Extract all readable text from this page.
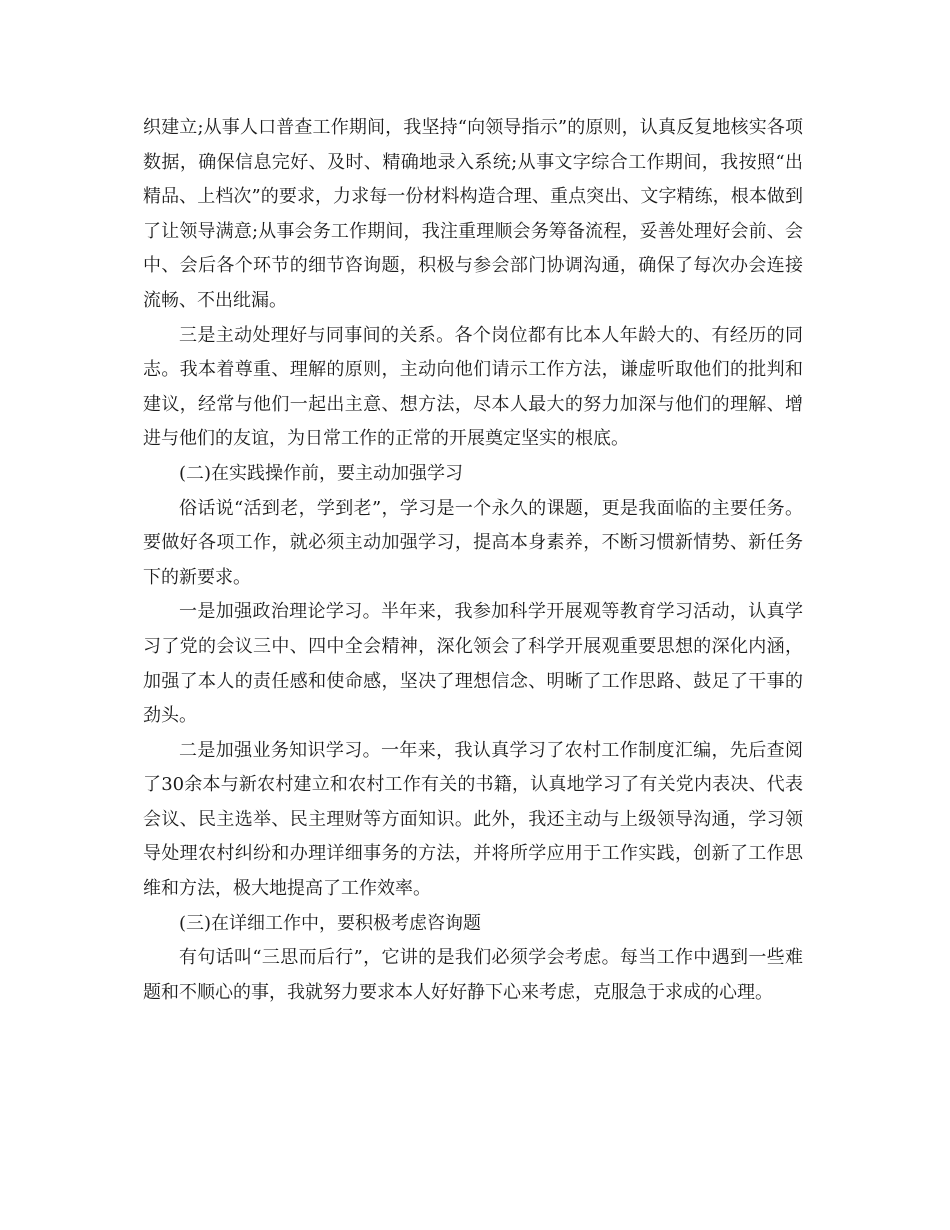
织建立;从事人口普查工作期间，我坚持“向领导指示”的原则，认真反复地核实各项数据，确保信息完好、及时、精确地录入系统;从事文字综合工作期间，我按照“出精品、上档次”的要求，力求每一份材料构造合理、重点突出、文字精练，根本做到了让领导满意;从事会务工作期间，我注重理顺会务筹备流程，妥善处理好会前、会中、会后各个环节的细节咨询题，积极与参会部门协调沟通，确保了每次办会连接流畅、不出纰漏。

三是主动处理好与同事间的关系。各个岗位都有比本人年龄大的、有经历的同志。我本着尊重、理解的原则，主动向他们请示工作方法，谦虚听取他们的批判和建议，经常与他们一起出主意、想方法，尽本人最大的努力加深与他们的理解、增进与他们的友谊，为日常工作的正常的开展奠定坚实的根底。

(二)在实践操作前，要主动加强学习

俗话说“活到老，学到老”，学习是一个永久的课题，更是我面临的主要任务。要做好各项工作，就必须主动加强学习，提高本身素养，不断习惯新情势、新任务下的新要求。

一是加强政治理论学习。半年来，我参加科学开展观等教育学习活动，认真学习了党的会议三中、四中全会精神，深化领会了科学开展观重要思想的深化内涵，加强了本人的责任感和使命感，坚决了理想信念、明晰了工作思路、鼓足了干事的劲头。

二是加强业务知识学习。一年来，我认真学习了农村工作制度汇编，先后查阅了30余本与新农村建立和农村工作有关的书籍，认真地学习了有关党内表决、代表会议、民主选举、民主理财等方面知识。此外，我还主动与上级领导沟通，学习领导处理农村纠纷和办理详细事务的方法，并将所学应用于工作实践，创新了工作思维和方法，极大地提高了工作效率。

(三)在详细工作中，要积极考虑咨询题

有句话叫“三思而后行”，它讲的是我们必须学会考虑。每当工作中遇到一些难题和不顺心的事，我就努力要求本人好好静下心来考虑，克服急于求成的心理。
